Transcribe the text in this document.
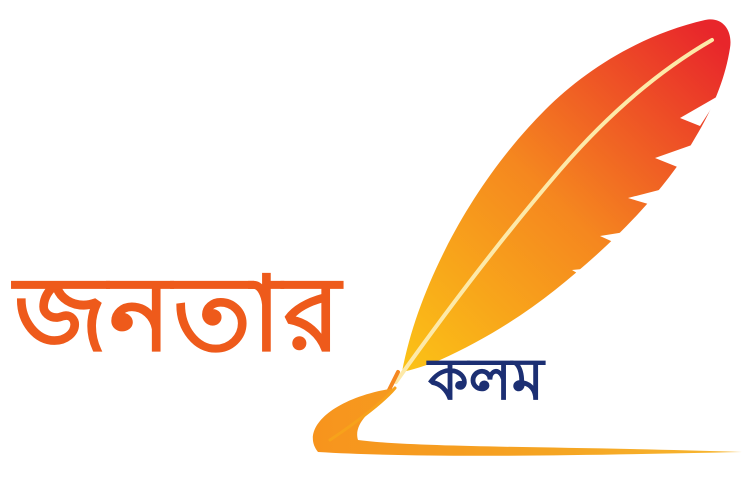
জনতার
কলম
